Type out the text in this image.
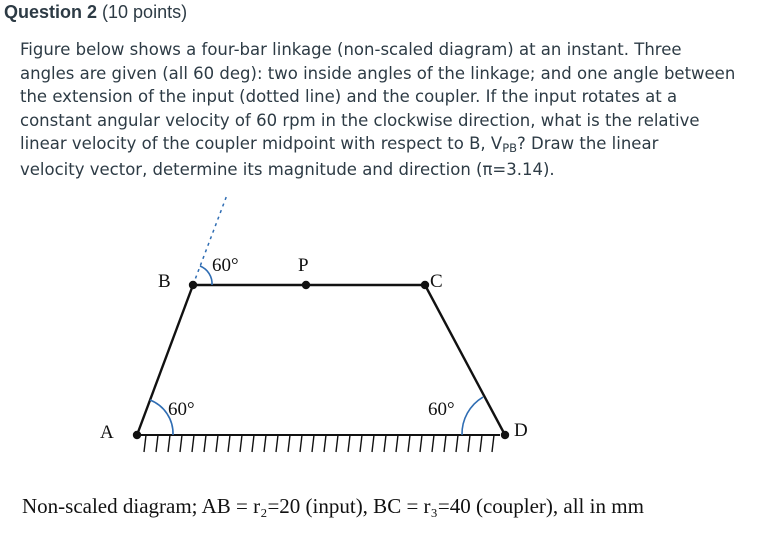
Question 2 (10 points)
Figure below shows a four-bar linkage (non-scaled diagram) at an instant. Three
angles are given (all 60 deg): two inside angles of the linkage; and one angle between
the extension of the input (dotted line) and the coupler. If the input rotates at a
constant angular velocity of 60 rpm in the clockwise direction, what is the relative
linear velocity of the coupler midpoint with respect to B, VPB? Draw the linear
velocity vector, determine its magnitude and direction (π=3.14).
A
B
P
C
D
60°
60°	60°
Non-scaled diagram; AB = r₂=20 (input), BC = r₃=40 (coupler), all in mm
